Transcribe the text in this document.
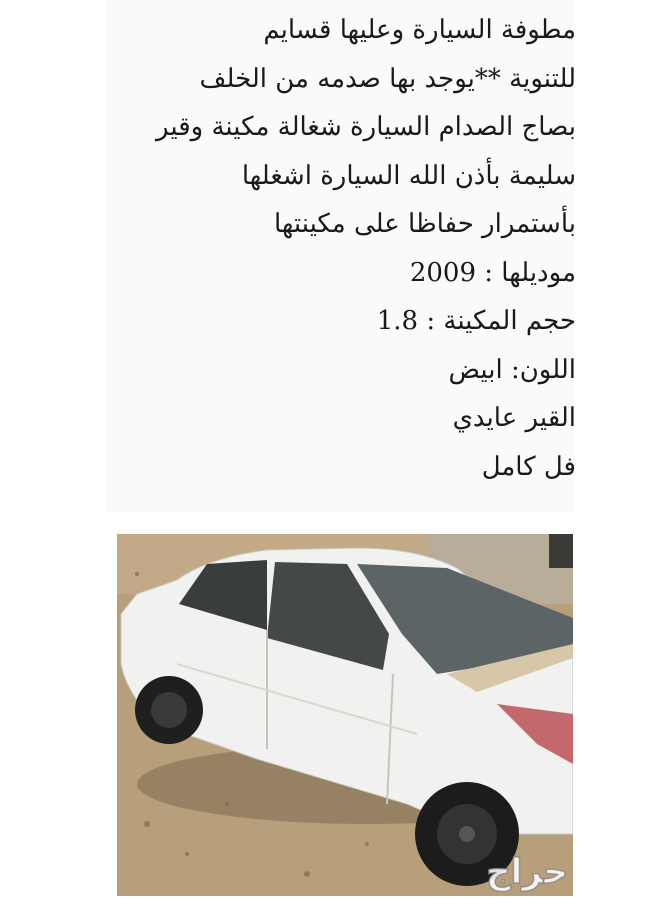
مطوفة السيارة وعليها قسايم
للتنوية **يوجد بها صدمه من الخلف
بصاج الصدام السيارة شغالة مكينة وقير
سليمة بأذن الله السيارة اشغلها
بأستمرار حفاظا على مكينتها
موديلها : 2009
حجم المكينة : 1.8
اللون: ابيض
القير عايدي
فل كامل
حراج
